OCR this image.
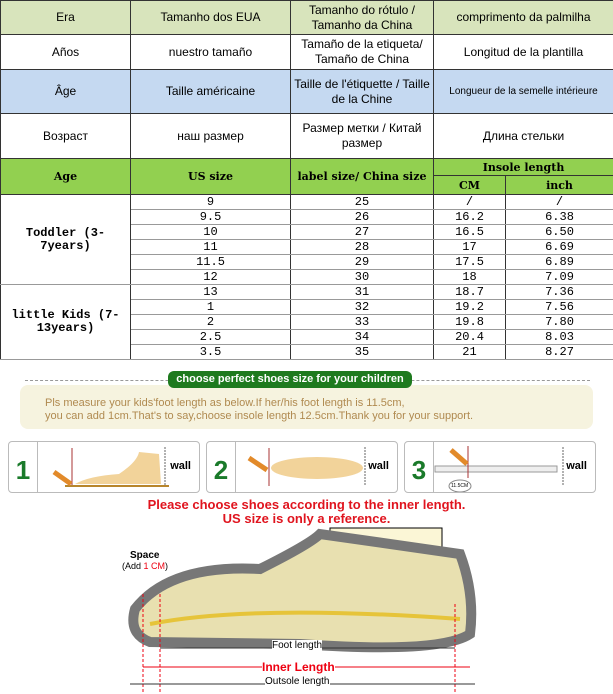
Era	Tamanho dos EUA	Tamanho do rótulo / Tamanho da China	comprimento da palmilha	
Años	nuestro tamaño	Tamaño de la etiqueta/ Tamaño de China	Longitud de la plantilla	
Âge	Taille américaine	Taille de l'étiquette / Taille de la Chine	Longueur de la semelle intérieure	
Возраст	наш размер	Размер метки / Китай размер	Длина стельки	
Age	US size	label size/ China size	Insole length	
			CM	inch
Toddler (3-7years)	9	25	/	/
	9.5	26	16.2	6.38
	10	27	16.5	6.50
	11	28	17	6.69
	11.5	29	17.5	6.89
	12	30	18	7.09
little Kids (7-13years)	13	31	18.7	7.36
	1	32	19.2	7.56
	2	33	19.8	7.80
	2.5	34	20.4	8.03
	3.5	35	21	8.27
Pls measure your kids'foot length as below.If her/his foot length is 11.5cm,
you can add 1cm.That's to say,choose insole length 12.5cm.Thank you for your support.
choose perfect shoes size for your children
1	wall 2	wall 3
11.5CM
wall
Please choose shoes according to the inner length.
US size is only a reference.
Space
(Add 1 CM)
Foot length
Inner Length
Outsole length
